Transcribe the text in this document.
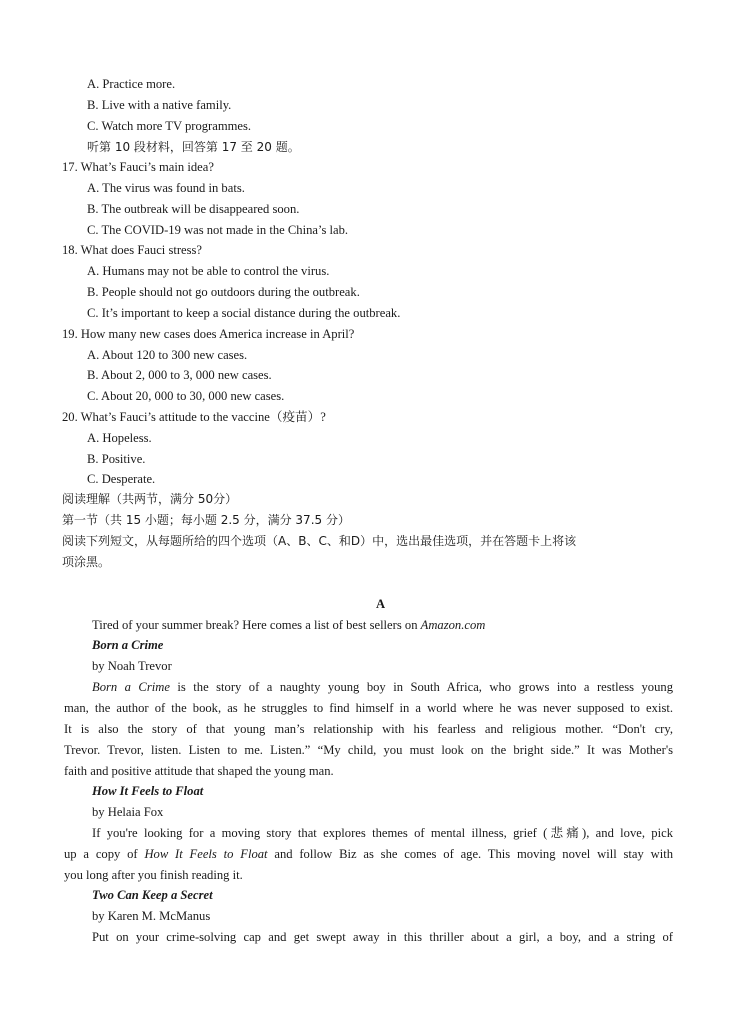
A. Practice more.
B. Live with a native family.
C. Watch more TV programmes.
听第 10 段材料，回答第 17 至 20 题。
17. What’s Fauci’s main idea?
A. The virus was found in bats.
B. The outbreak will be disappeared soon.
C. The COVID-19 was not made in the China’s lab.
18. What does Fauci stress?
A. Humans may not be able to control the virus.
B. People should not go outdoors during the outbreak.
C. It’s important to keep a social distance during the outbreak.
19. How many new cases does America increase in April?
A. About 120 to 300 new cases.
B. About 2, 000 to 3, 000 new cases.
C. About 20, 000 to 30, 000 new cases.
20. What’s Fauci’s attitude to the vaccine（疫苗）?
A. Hopeless.
B. Positive.
C. Desperate.
阅读理解（共两节，满分 50分）
第一节（共 15 小题；每小题 2.5 分，满分 37.5 分）
阅读下列短文，从每题所给的四个选项（A、B、C、和D）中，选出最佳选项，并在答题卡上将该
项涂黑。
A
Tired of your summer break? Here comes a list of best sellers on Amazon.com
Born a Crime
by Noah Trevor
Born a Crime is the story of a naughty young boy in South Africa, who grows into a restless young
man, the author of the book, as he struggles to find himself in a world where he was never supposed to exist.
It is also the story of that young man’s relationship with his fearless and religious mother. “Don't cry,
Trevor. Trevor, listen. Listen to me. Listen.” “My child, you must look on the bright side.” It was Mother's
faith and positive attitude that shaped the young man.
How It Feels to Float
by Helaia Fox
If you're looking for a moving story that explores themes of mental illness, grief (悲痛), and love, pick
up a copy of How It Feels to Float and follow Biz as she comes of age. This moving novel will stay with
you long after you finish reading it.
Two Can Keep a Secret
by Karen M. McManus
Put on your crime-solving cap and get swept away in this thriller about a girl, a boy, and a string of
